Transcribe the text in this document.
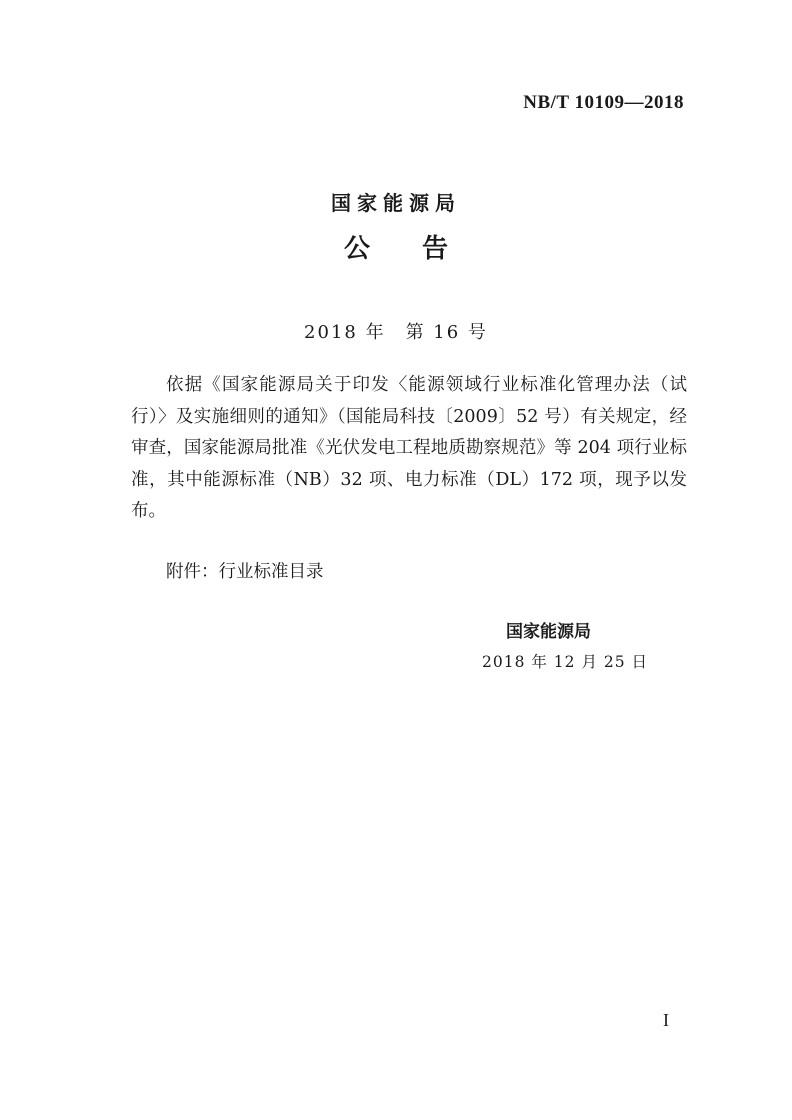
NB/T 10109—2018
国家能源局
公告
2018 年　第 16 号

依据《国家能源局关于印发〈能源领域行业标准化管理办法（试行）〉及实施细则的通知》（国能局科技〔2009〕52 号）有关规定，经审查，国家能源局批准《光伏发电工程地质勘察规范》等 204 项行业标准，其中能源标准（NB）32 项、电力标准（DL）172 项，现予以发布。

附件：行业标准目录
国家能源局
2018 年 12 月 25 日
I
